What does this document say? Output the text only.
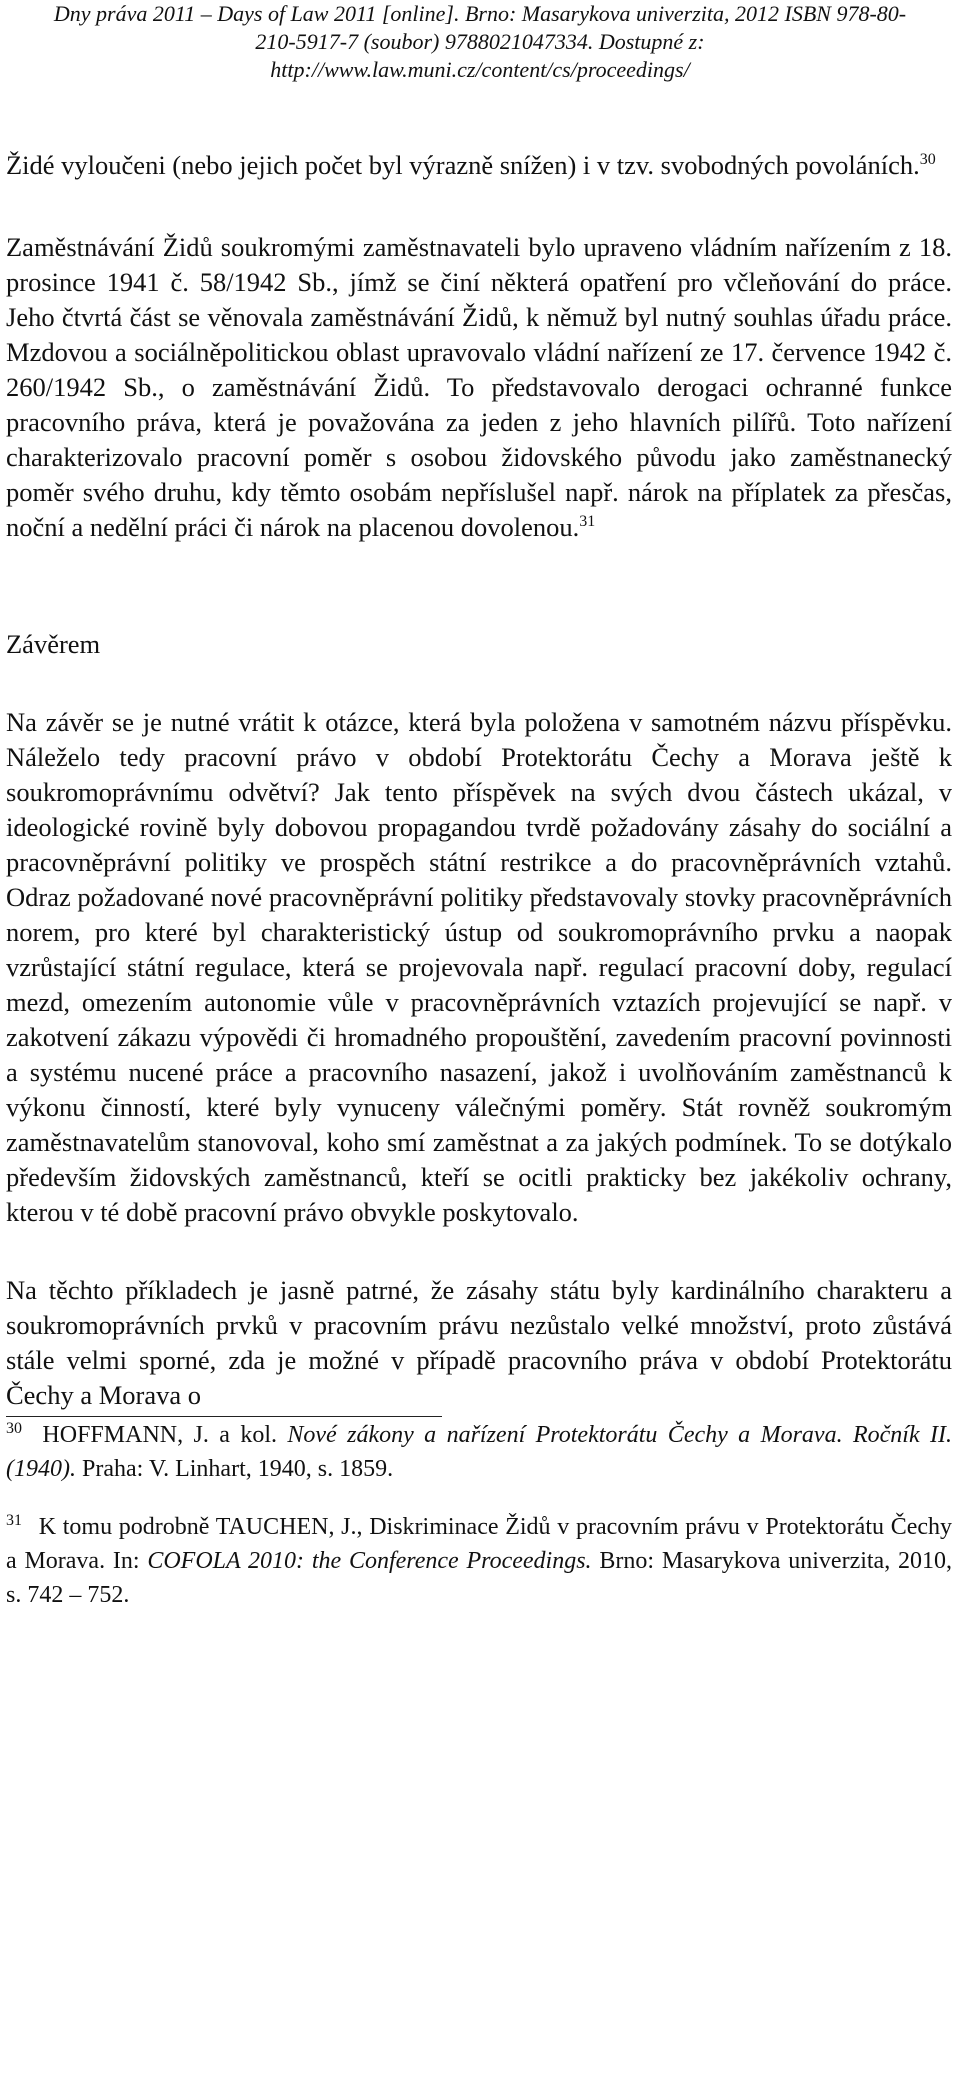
Dny práva 2011 – Days of Law 2011 [online]. Brno: Masarykova univerzita, 2012 ISBN 978-80-
210-5917-7 (soubor) 9788021047334. Dostupné z:
http://www.law.muni.cz/content/cs/proceedings/

Židé vyloučeni (nebo jejich počet byl výrazně snížen) i v tzv. svobodných povoláních.$^{30}$

Zaměstnávání Židů soukromými zaměstnavateli bylo upraveno vládním nařízením z 18. prosince 1941 č. 58/1942 Sb., jímž se činí některá opatření pro včleňování do práce. Jeho čtvrtá část se věnovala zaměstnávání Židů, k němuž byl nutný souhlas úřadu práce. Mzdovou a sociálněpolitickou oblast upravovalo vládní nařízení ze 17. července 1942 č. 260/1942 Sb., o zaměstnávání Židů. To představovalo derogaci ochranné funkce pracovního práva, která je považována za jeden z jeho hlavních pilířů. Toto nařízení charakterizovalo pracovní poměr s osobou židovského původu jako zaměstnanecký poměr svého druhu, kdy těmto osobám nepříslušel např. nárok na příplatek za přesčas, noční a nedělní práci či nárok na placenou dovolenou.$^{31}$

Závěrem

Na závěr se je nutné vrátit k otázce, která byla položena v samotném názvu příspěvku. Náleželo tedy pracovní právo v období Protektorátu Čechy a Morava ještě k soukromoprávnímu odvětví? Jak tento příspěvek na svých dvou částech ukázal, v ideologické rovině byly dobovou propagandou tvrdě požadovány zásahy do sociální a pracovněprávní politiky ve prospěch státní restrikce a do pracovněprávních vztahů. Odraz požadované nové pracovněprávní politiky představovaly stovky pracovněprávních norem, pro které byl charakteristický ústup od soukromoprávního prvku a naopak vzrůstající státní regulace, která se projevovala např. regulací pracovní doby, regulací mezd, omezením autonomie vůle v pracovněprávních vztazích projevující se např. v zakotvení zákazu výpovědi či hromadného propouštění, zavedením pracovní povinnosti a systému nucené práce a pracovního nasazení, jakož i uvolňováním zaměstnanců k výkonu činností, které byly vynuceny válečnými poměry. Stát rovněž soukromým zaměstnavatelům stanovoval, koho smí zaměstnat a za jakých podmínek. To se dotýkalo především židovských zaměstnanců, kteří se ocitli prakticky bez jakékoliv ochrany, kterou v té době pracovní právo obvykle poskytovalo.

Na těchto příkladech je jasně patrné, že zásahy státu byly kardinálního charakteru a soukromoprávních prvků v pracovním právu nezůstalo velké množství, proto zůstává stále velmi sporné, zda je možné v případě pracovního práva v období Protektorátu Čechy a Morava o

$^{30}$ HOFFMANN, J. a kol. Nové zákony a nařízení Protektorátu Čechy a Morava. Ročník II. (1940). Praha: V. Linhart, 1940, s. 1859.

$^{31}$ K tomu podrobně TAUCHEN, J., Diskriminace Židů v pracovním právu v Protektorátu Čechy a Morava. In: COFOLA 2010: the Conference Proceedings. Brno: Masarykova univerzita, 2010, s. 742 – 752.
